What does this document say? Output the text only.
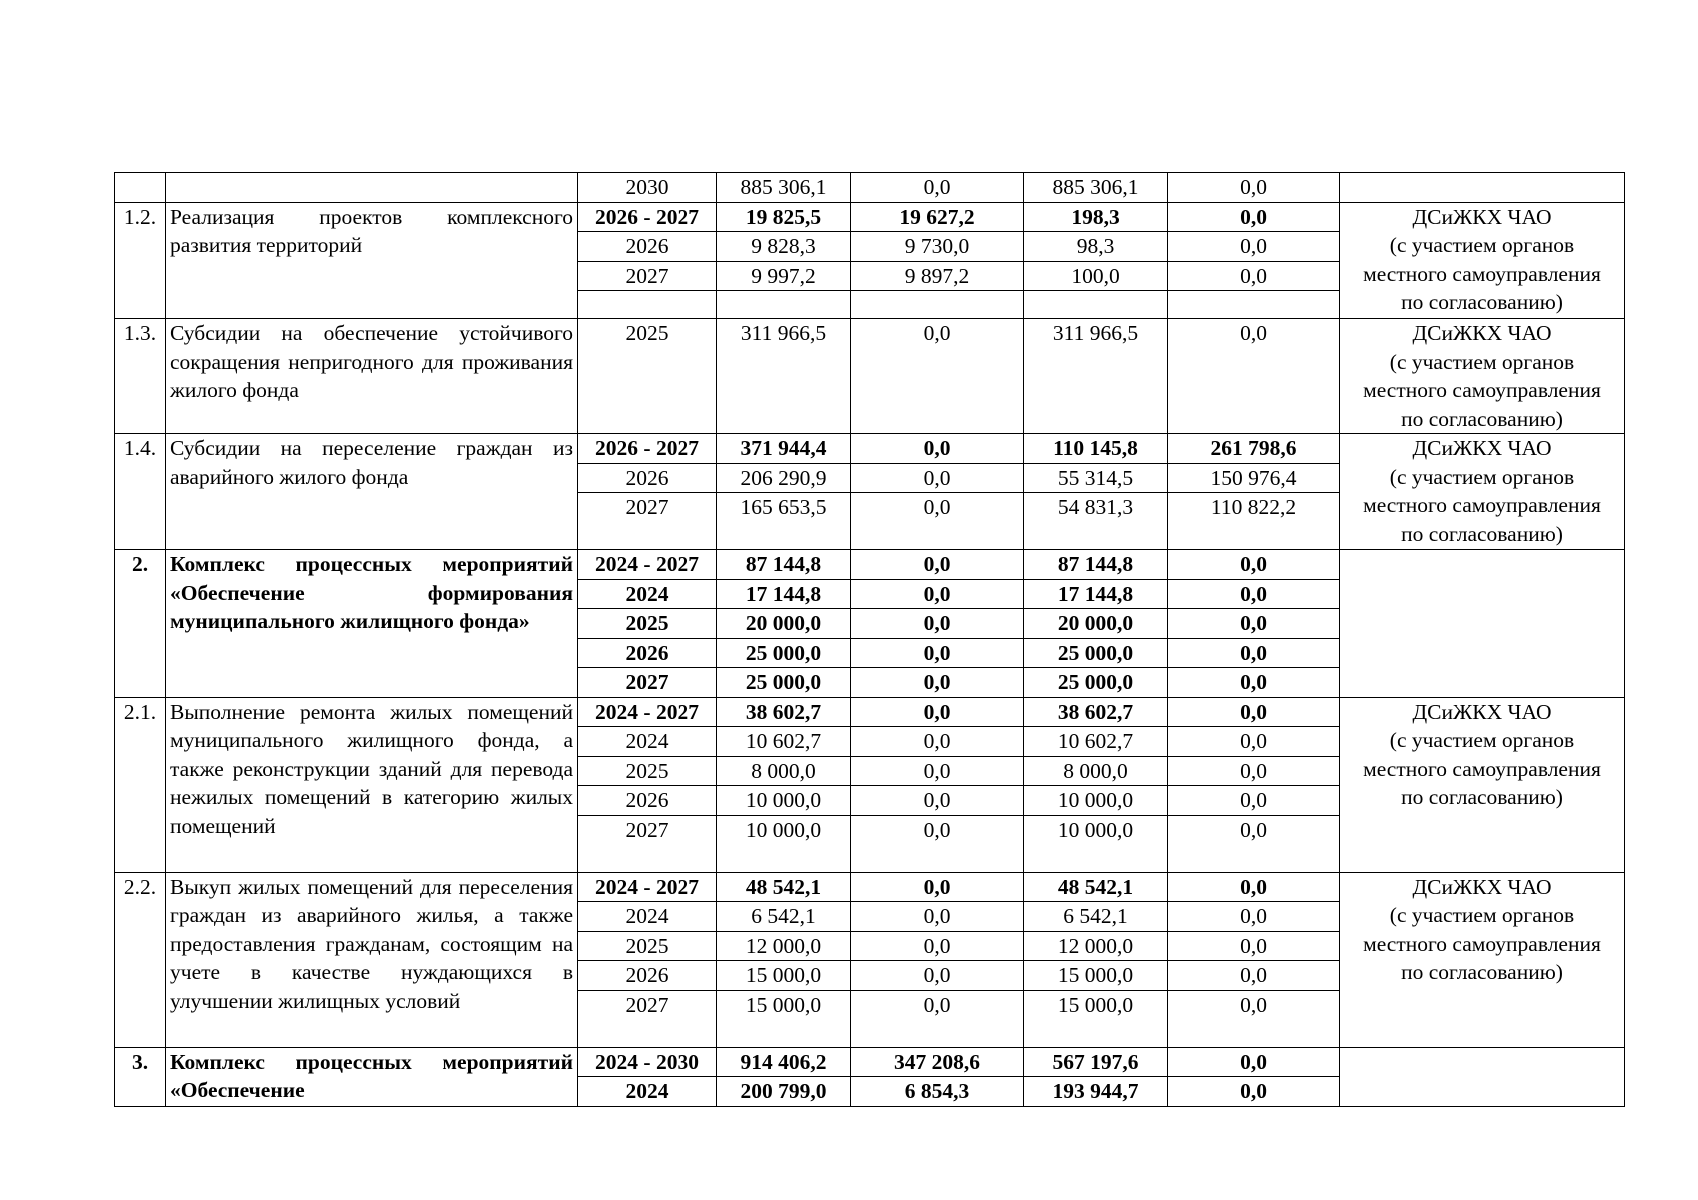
		2030	885 306,1	0,0	885 306,1	0,0	
1.2.	Реализация проектов комплексного развития территорий	2026 - 2027	19 825,5	19 627,2	198,3	0,0	ДСиЖКХ ЧАО
(с участием органов
местного самоуправления
по согласованию)

		2026	9 828,3	9 730,0	98,3	0,0	
		2027	9 997,2	9 897,2	100,0	0,0	

1.3.	Субсидии на обеспечение устойчивого сокращения непригодного для проживания жилого фонда	2025	311 966,5	0,0	311 966,5	0,0	ДСиЖКХ ЧАО
(с участием органов
местного самоуправления
по согласованию)

1.4.	Субсидии на переселение граждан из аварийного жилого фонда	2026 - 2027	371 944,4	0,0	110 145,8	261 798,6	ДСиЖКХ ЧАО
(с участием органов
местного самоуправления
по согласованию)

		2026	206 290,9	0,0	55 314,5	150 976,4	
		2027	165 653,5	0,0	54 831,3	110 822,2	
2.	Комплекс процессных мероприятий «Обеспечение формирования муниципального жилищного фонда»	2024 - 2027	87 144,8	0,0	87 144,8	0,0	
		2024	17 144,8	0,0	17 144,8	0,0	
		2025	20 000,0	0,0	20 000,0	0,0	
		2026	25 000,0	0,0	25 000,0	0,0	
		2027	25 000,0	0,0	25 000,0	0,0	
2.1.	Выполнение ремонта жилых помещений муниципального жилищного фонда, а также реконструкции зданий для перевода нежилых помещений в категорию жилых помещений	2024 - 2027	38 602,7	0,0	38 602,7	0,0	ДСиЖКХ ЧАО
(с участием органов
местного самоуправления
по согласованию)

		2024	10 602,7	0,0	10 602,7	0,0	
		2025	8 000,0	0,0	8 000,0	0,0	
		2026	10 000,0	0,0	10 000,0	0,0	
		2027	10 000,0	0,0	10 000,0	0,0	
2.2.	Выкуп жилых помещений для переселения граждан из аварийного жилья, а также предоставления гражданам, состоящим на учете в качестве нуждающихся в улучшении жилищных условий	2024 - 2027	48 542,1	0,0	48 542,1	0,0	ДСиЖКХ ЧАО
(с участием органов
местного самоуправления
по согласованию)

		2024	6 542,1	0,0	6 542,1	0,0	
		2025	12 000,0	0,0	12 000,0	0,0	
		2026	15 000,0	0,0	15 000,0	0,0	
		2027	15 000,0	0,0	15 000,0	0,0	
3.	Комплекс процессных мероприятий «Обеспечение	2024 - 2030	914 406,2	347 208,6	567 197,6	0,0	
		2024	200 799,0	6 854,3	193 944,7	0,0	
